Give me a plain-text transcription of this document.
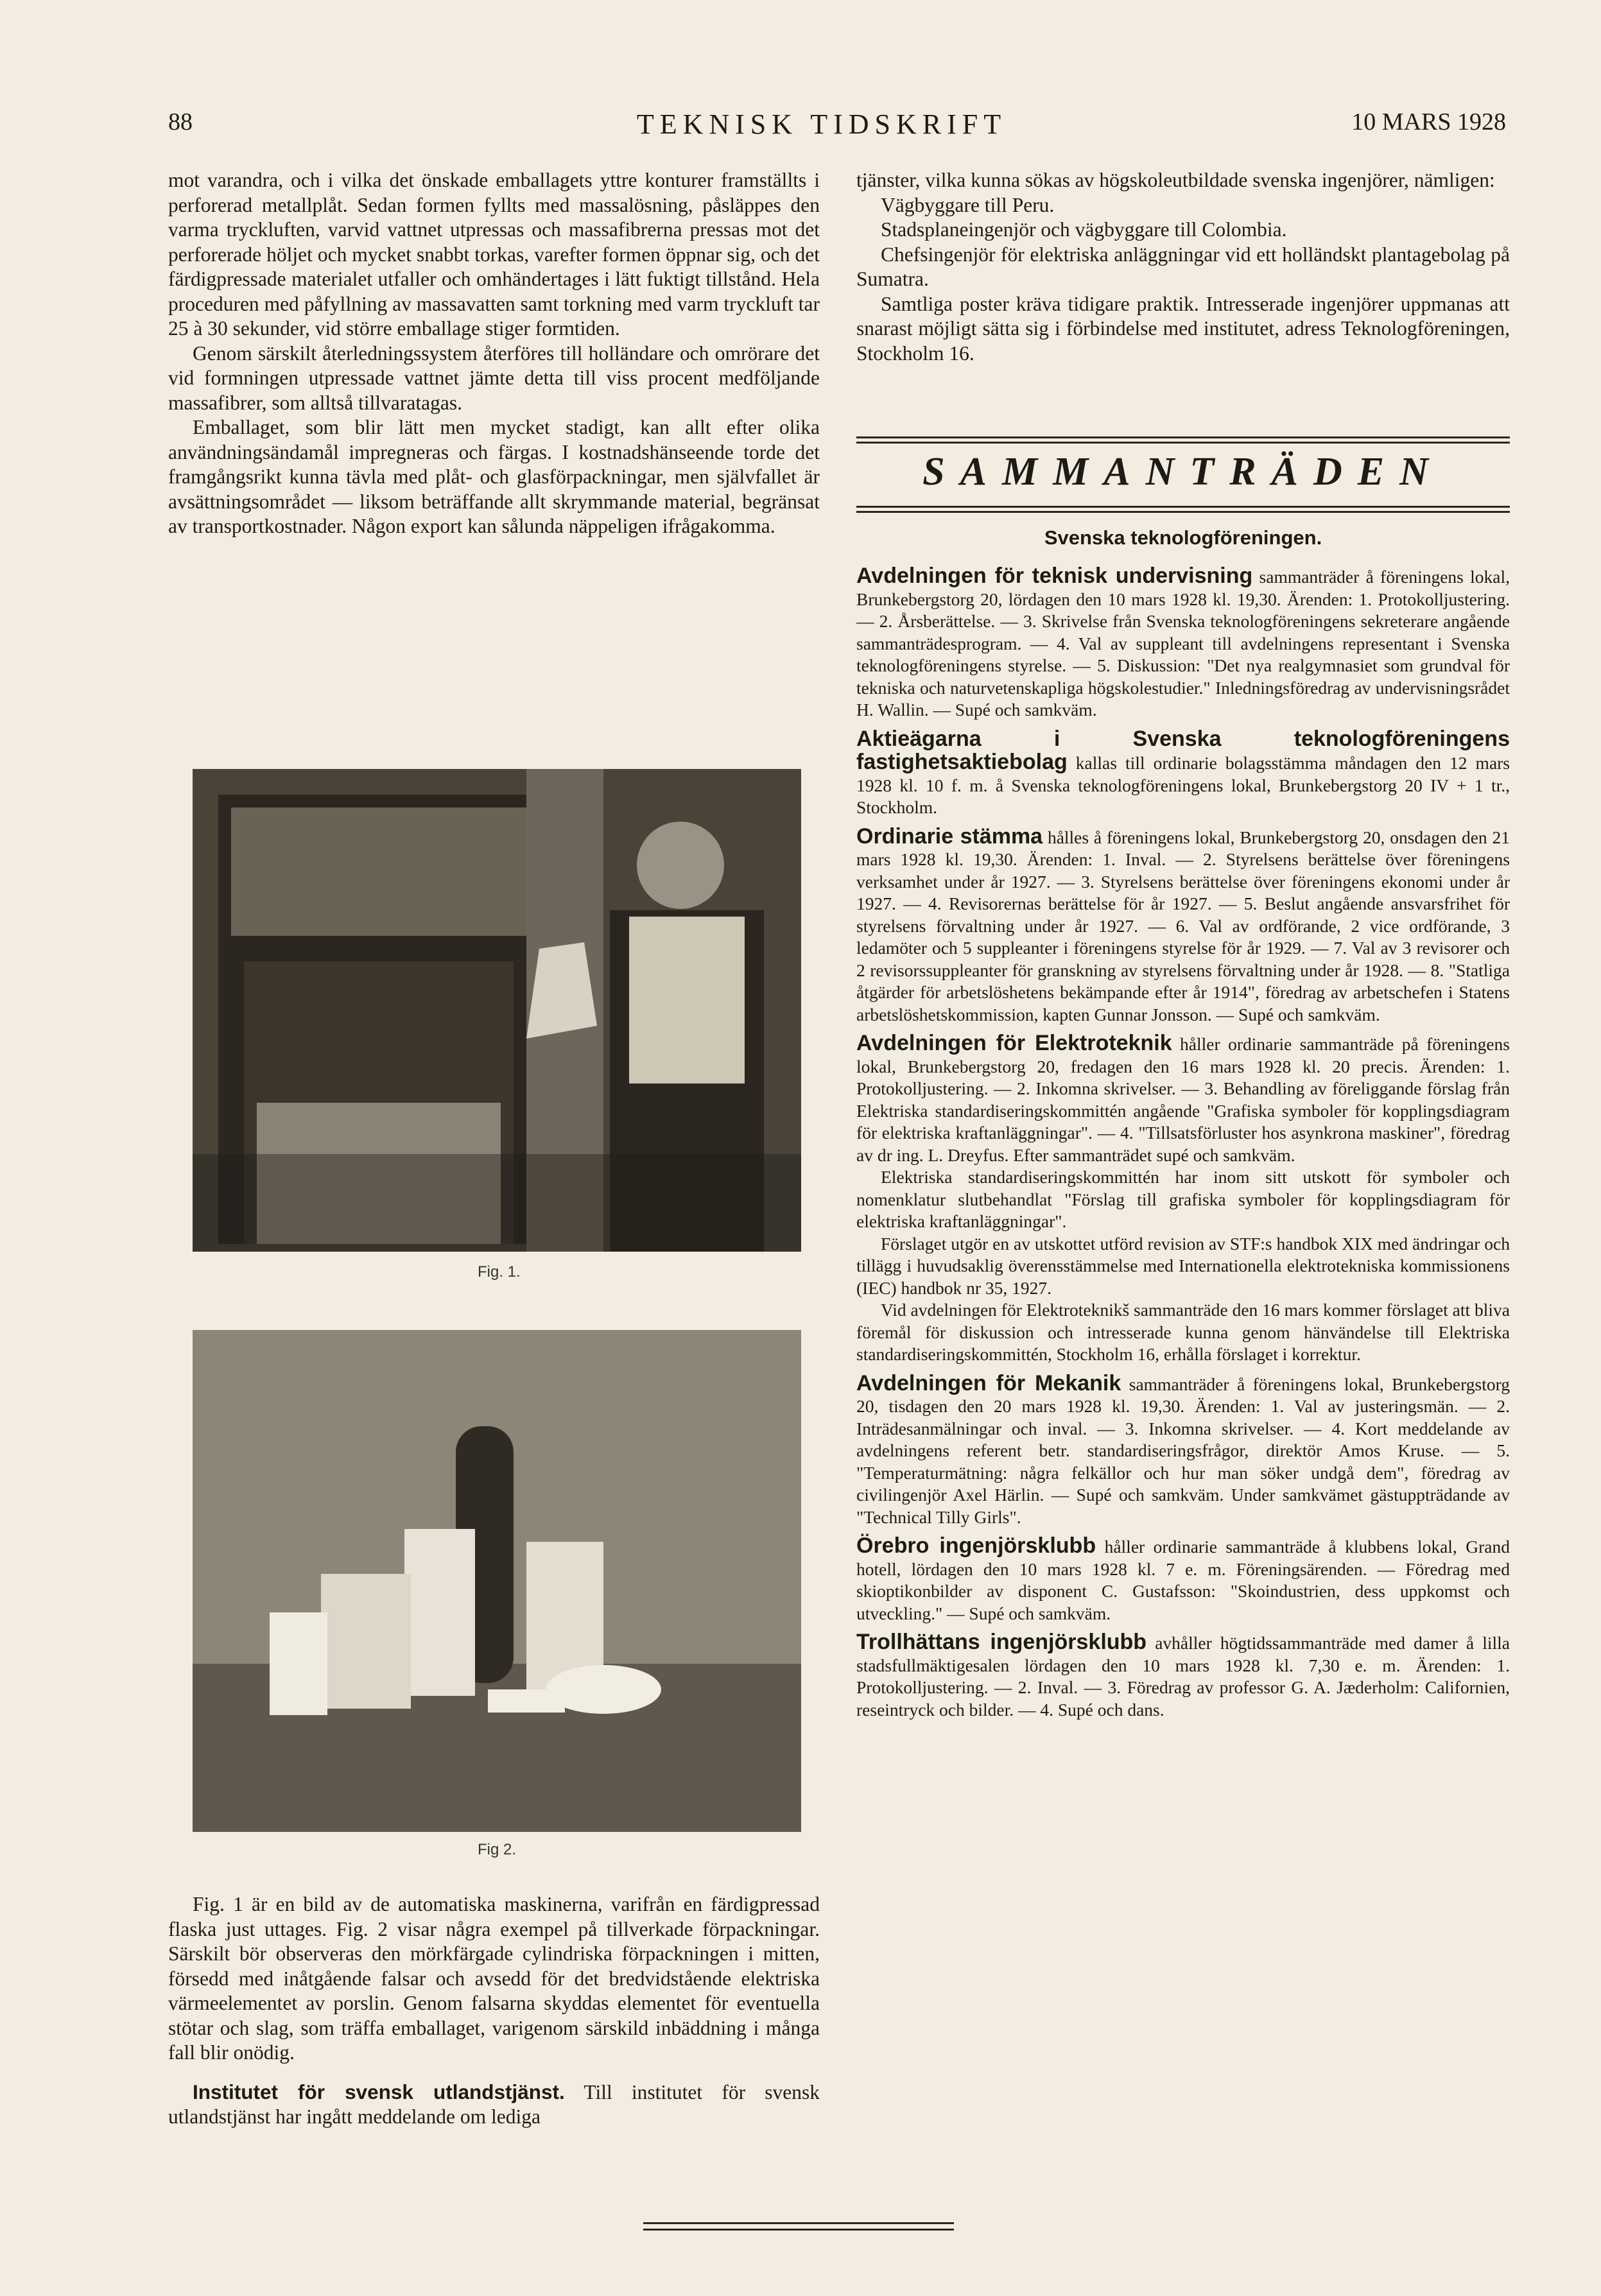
88	TEKNISK TIDSKRIFT	10 MARS 1928

mot varandra, och i vilka det önskade emballagets yttre konturer framställts i perforerad metallplåt. Sedan formen fyllts med massalösning, påsläppes den varma tryckluften, varvid vattnet utpressas och massafibrerna pressas mot det perforerade höljet och mycket snabbt torkas, varefter formen öppnar sig, och det färdigpressade materialet utfaller och omhändertages i lätt fuktigt tillstånd. Hela proceduren med påfyllning av massavatten samt torkning med varm tryckluft tar 25 à 30 sekunder, vid större emballage stiger formtiden.

Genom särskilt återledningssystem återföres till holländare och omrörare det vid formningen utpressade vattnet jämte detta till viss procent medföljande massafibrer, som alltså tillvaratagas.

Emballaget, som blir lätt men mycket stadigt, kan allt efter olika användningsändamål impregneras och färgas. I kostnadshänseende torde det framgångsrikt kunna tävla med plåt- och glasförpackningar, men självfallet är avsättningsområdet — liksom beträffande allt skrymmande material, begränsat av transportkostnader. Någon export kan sålunda näppeligen ifrågakomma.

Fig. 1.
Fig 2.

Fig. 1 är en bild av de automatiska maskinerna, varifrån en färdigpressad flaska just uttages. Fig. 2 visar några exempel på tillverkade förpackningar. Särskilt bör observeras den mörkfärgade cylindriska förpackningen i mitten, försedd med inåtgående falsar och avsedd för det bredvidstående elektriska värmeelementet av porslin. Genom falsarna skyddas elementet för eventuella stötar och slag, som träffa emballaget, varigenom särskild inbäddning i många fall blir onödig.

Institutet för svensk utlandstjänst. Till institutet för svensk utlandstjänst har ingått meddelande om lediga

tjänster, vilka kunna sökas av högskoleutbildade svenska ingenjörer, nämligen:

Vägbyggare till Peru.

Stadsplaneingenjör och vägbyggare till Colombia.

Chefsingenjör för elektriska anläggningar vid ett holländskt plantagebolag på Sumatra.

Samtliga poster kräva tidigare praktik. Intresserade ingenjörer uppmanas att snarast möjligt sätta sig i förbindelse med institutet, adress Teknologföreningen, Stockholm 16.

SAMMANTRÄDEN
Svenska teknologföreningen.

Avdelningen för teknisk undervisning sammanträder å föreningens lokal, Brunkebergstorg 20, lördagen den 10 mars 1928 kl. 19,30. Ärenden: 1. Protokolljustering. — 2. Årsberättelse. — 3. Skrivelse från Svenska teknologföreningens sekreterare angående sammanträdesprogram. — 4. Val av suppleant till avdelningens representant i Svenska teknologföreningens styrelse. — 5. Diskussion: "Det nya realgymnasiet som grundval för tekniska och naturvetenskapliga högskolestudier." Inledningsföredrag av undervisningsrådet H. Wallin. — Supé och samkväm.

Aktieägarna i Svenska teknologföreningens fastighetsaktiebolag kallas till ordinarie bolagsstämma måndagen den 12 mars 1928 kl. 10 f. m. å Svenska teknologföreningens lokal, Brunkebergstorg 20 IV + 1 tr., Stockholm.

Ordinarie stämma hålles å föreningens lokal, Brunkebergstorg 20, onsdagen den 21 mars 1928 kl. 19,30. Ärenden: 1. Inval. — 2. Styrelsens berättelse över föreningens verksamhet under år 1927. — 3. Styrelsens berättelse över föreningens ekonomi under år 1927. — 4. Revisorernas berättelse för år 1927. — 5. Beslut angående ansvarsfrihet för styrelsens förvaltning under år 1927. — 6. Val av ordförande, 2 vice ordförande, 3 ledamöter och 5 suppleanter i föreningens styrelse för år 1929. — 7. Val av 3 revisorer och 2 revisorssuppleanter för granskning av styrelsens förvaltning under år 1928. — 8. "Statliga åtgärder för arbetslöshetens bekämpande efter år 1914", föredrag av arbetschefen i Statens arbetslöshetskommission, kapten Gunnar Jonsson. — Supé och samkväm.

Avdelningen för Elektroteknik håller ordinarie sammanträde på föreningens lokal, Brunkebergstorg 20, fredagen den 16 mars 1928 kl. 20 precis. Ärenden: 1. Protokolljustering. — 2. Inkomna skrivelser. — 3. Behandling av föreliggande förslag från Elektriska standardiseringskommittén angående "Grafiska symboler för kopplingsdiagram för elektriska kraftanläggningar". — 4. "Tillsatsförluster hos asynkrona maskiner", föredrag av dr ing. L. Dreyfus. Efter sammanträdet supé och samkväm.

Elektriska standardiseringskommittén har inom sitt utskott för symboler och nomenklatur slutbehandlat "Förslag till grafiska symboler för kopplingsdiagram för elektriska kraftanläggningar".

Förslaget utgör en av utskottet utförd revision av STF:s handbok XIX med ändringar och tillägg i huvudsaklig överensstämmelse med Internationella elektrotekniska kommissionens (IEC) handbok nr 35, 1927.

Vid avdelningen för Elektroteknikš sammanträde den 16 mars kommer förslaget att bliva föremål för diskussion och intresserade kunna genom hänvändelse till Elektriska standardiseringskommittén, Stockholm 16, erhålla förslaget i korrektur.

Avdelningen för Mekanik sammanträder å föreningens lokal, Brunkebergstorg 20, tisdagen den 20 mars 1928 kl. 19,30. Ärenden: 1. Val av justeringsmän. — 2. Inträdesanmälningar och inval. — 3. Inkomna skrivelser. — 4. Kort meddelande av avdelningens referent betr. standardiseringsfrågor, direktör Amos Kruse. — 5. "Temperaturmätning: några felkällor och hur man söker undgå dem", föredrag av civilingenjör Axel Härlin. — Supé och samkväm. Under samkvämet gästuppträdande av "Technical Tilly Girls".

Örebro ingenjörsklubb håller ordinarie sammanträde å klubbens lokal, Grand hotell, lördagen den 10 mars 1928 kl. 7 e. m. Föreningsärenden. — Föredrag med skioptikonbilder av disponent C. Gustafsson: "Skoindustrien, dess uppkomst och utveckling." — Supé och samkväm.

Trollhättans ingenjörsklubb avhåller högtidssammanträde med damer å lilla stadsfullmäktigesalen lördagen den 10 mars 1928 kl. 7,30 e. m. Ärenden: 1. Protokolljustering. — 2. Inval. — 3. Föredrag av professor G. A. Jæderholm: Californien, reseintryck och bilder. — 4. Supé och dans.
